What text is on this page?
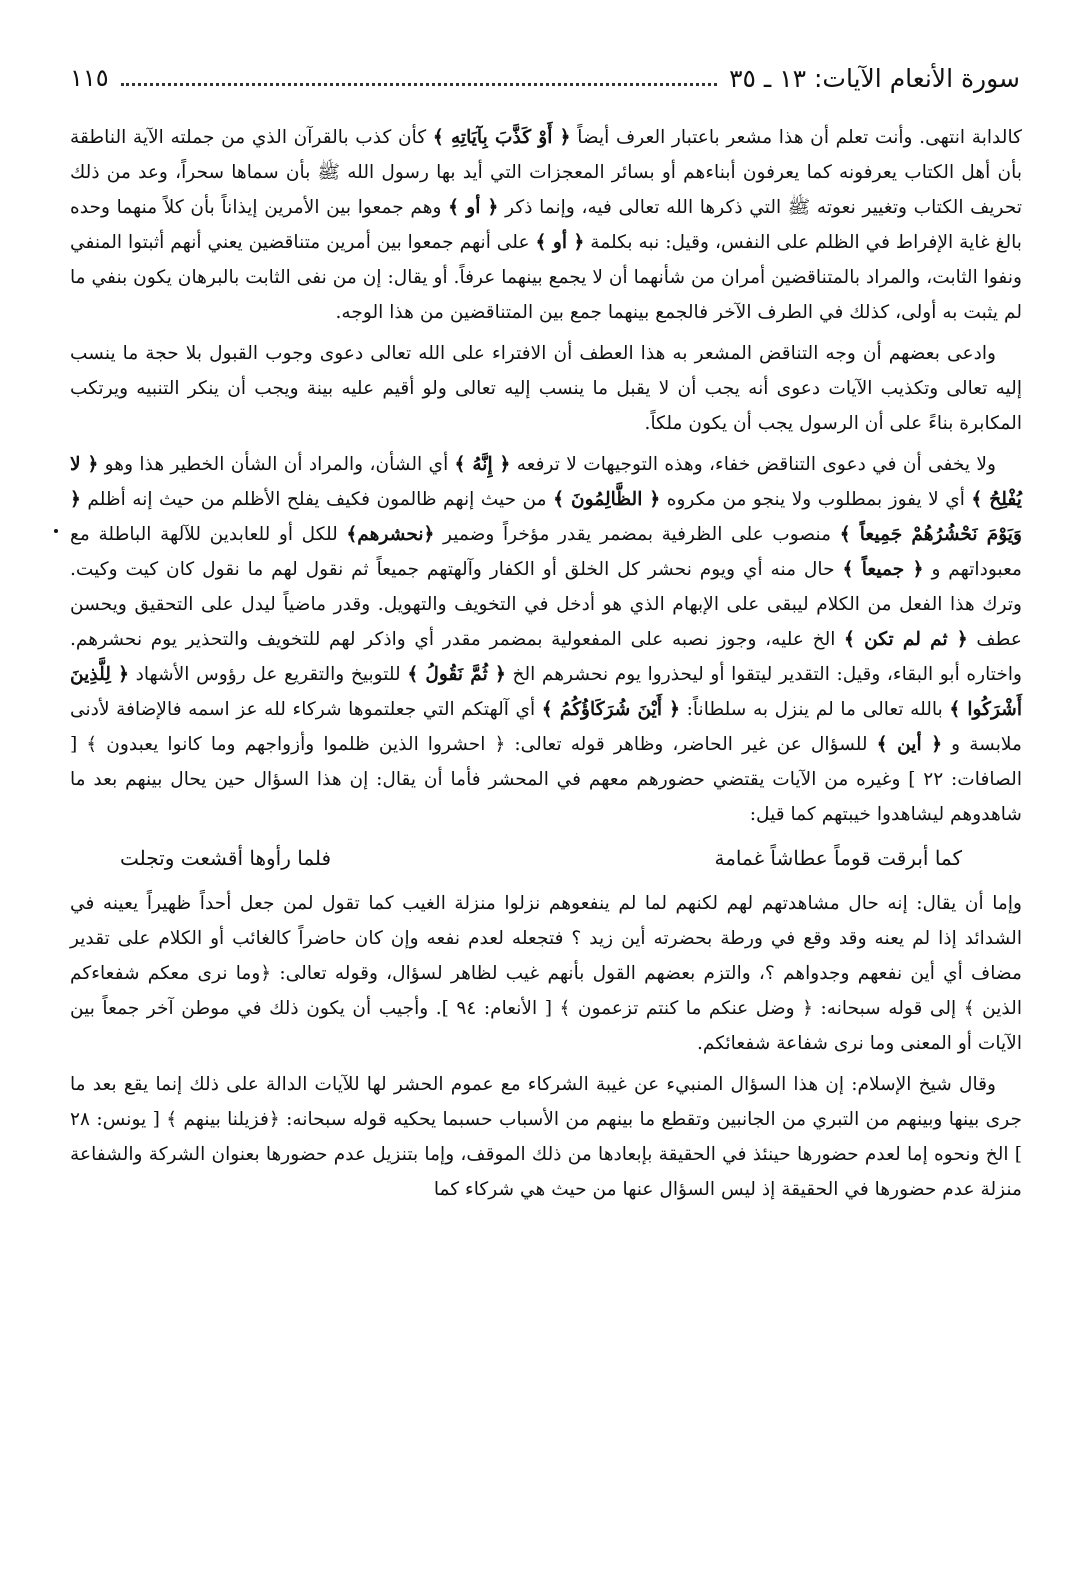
سورة الأنعام الآيات: ١٣ ـ ٣٥
١١٥

كالدابة انتهى. وأنت تعلم أن هذا مشعر باعتبار العرف أيضاً ﴿ أَوْ كَذَّبَ بِآيَاتِهِ ﴾ كأن كذب بالقرآن الذي من جملته الآية الناطقة بأن أهل الكتاب يعرفونه كما يعرفون أبناءهم أو بسائر المعجزات التي أيد بها رسول الله ﷺ بأن سماها سحراً، وعد من ذلك تحريف الكتاب وتغيير نعوته ﷺ التي ذكرها الله تعالى فيه، وإنما ذكر ﴿ أو ﴾ وهم جمعوا بين الأمرين إيذاناً بأن كلاً منهما وحده بالغ غاية الإفراط في الظلم على النفس، وقيل: نبه بكلمة ﴿ أو ﴾ على أنهم جمعوا بين أمرين متناقضين يعني أنهم أثبتوا المنفي ونفوا الثابت، والمراد بالمتناقضين أمران من شأنهما أن لا يجمع بينهما عرفاً. أو يقال: إن من نفى الثابت بالبرهان يكون بنفي ما لم يثبت به أولى، كذلك في الطرف الآخر فالجمع بينهما جمع بين المتناقضين من هذا الوجه.

وادعى بعضهم أن وجه التناقض المشعر به هذا العطف أن الافتراء على الله تعالى دعوى وجوب القبول بلا حجة ما ينسب إليه تعالى وتكذيب الآيات دعوى أنه يجب أن لا يقبل ما ينسب إليه تعالى ولو أقيم عليه بينة ويجب أن ينكر التنبيه ويرتكب المكابرة بناءً على أن الرسول يجب أن يكون ملكاً.

ولا يخفى أن في دعوى التناقض خفاء، وهذه التوجيهات لا ترفعه ﴿ إِنَّهُ ﴾ أي الشأن، والمراد أن الشأن الخطير هذا وهو ﴿ لا يُفْلِحُ ﴾ أي لا يفوز بمطلوب ولا ينجو من مكروه ﴿ الظَّالِمُونَ ﴾ من حيث إنهم ظالمون فكيف يفلح الأظلم من حيث إنه أظلم ﴿ وَيَوْمَ نَحْشُرُهُمْ جَمِيعاً ﴾ منصوب على الظرفية بمضمر يقدر مؤخراً وضمير ﴿نحشرهم﴾ للكل أو للعابدين للآلهة الباطلة مع معبوداتهم و ﴿ جميعاً ﴾ حال منه أي ويوم نحشر كل الخلق أو الكفار وآلهتهم جميعاً ثم نقول لهم ما نقول كان كيت وكيت. وترك هذا الفعل من الكلام ليبقى على الإبهام الذي هو أدخل في التخويف والتهويل. وقدر ماضياً ليدل على التحقيق ويحسن عطف ﴿ ثم لم تكن ﴾ الخ عليه، وجوز نصبه على المفعولية بمضمر مقدر أي واذكر لهم للتخويف والتحذير يوم نحشرهم. واختاره أبو البقاء، وقيل: التقدير ليتقوا أو ليحذروا يوم نحشرهم الخ ﴿ ثُمَّ نَقُولُ ﴾ للتوبيخ والتقريع عل رؤوس الأشهاد ﴿ لِلَّذِينَ أَشْرَكُوا ﴾ بالله تعالى ما لم ينزل به سلطاناً: ﴿ أَيْنَ شُرَكَاؤُكُمُ ﴾ أي آلهتكم التي جعلتموها شركاء لله عز اسمه فالإضافة لأدنى ملابسة و ﴿ أين ﴾ للسؤال عن غير الحاضر، وظاهر قوله تعالى: ﴿ احشروا الذين ظلموا وأزواجهم وما كانوا يعبدون ﴾ [ الصافات: ٢٢ ] وغيره من الآيات يقتضي حضورهم معهم في المحشر فأما أن يقال: إن هذا السؤال حين يحال بينهم بعد ما شاهدوهم ليشاهدوا خيبتهم كما قيل:

كما أبرقت قوماً عطاشاً غمامة
فلما رأوها أقشعت وتجلت

وإما أن يقال: إنه حال مشاهدتهم لهم لكنهم لما لم ينفعوهم نزلوا منزلة الغيب كما تقول لمن جعل أحداً ظهيراً يعينه في الشدائد إذا لم يعنه وقد وقع في ورطة بحضرته أين زيد ؟ فتجعله لعدم نفعه وإن كان حاضراً كالغائب أو الكلام على تقدير مضاف أي أين نفعهم وجدواهم ؟، والتزم بعضهم القول بأنهم غيب لظاهر لسؤال، وقوله تعالى: ﴿وما نرى معكم شفعاءكم الذين ﴾ إلى قوله سبحانه: ﴿ وضل عنكم ما كنتم تزعمون ﴾ [ الأنعام: ٩٤ ]. وأجيب أن يكون ذلك في موطن آخر جمعاً بين الآيات أو المعنى وما نرى شفاعة شفعائكم.

وقال شيخ الإسلام: إن هذا السؤال المنبيء عن غيبة الشركاء مع عموم الحشر لها للآيات الدالة على ذلك إنما يقع بعد ما جرى بينها وبينهم من التبري من الجانبين وتقطع ما بينهم من الأسباب حسبما يحكيه قوله سبحانه: ﴿فزيلنا بينهم ﴾ [ يونس: ٢٨ ] الخ ونحوه إما لعدم حضورها حينئذ في الحقيقة بإبعادها من ذلك الموقف، وإما بتنزيل عدم حضورها بعنوان الشركة والشفاعة منزلة عدم حضورها في الحقيقة إذ ليس السؤال عنها من حيث هي شركاء كما
